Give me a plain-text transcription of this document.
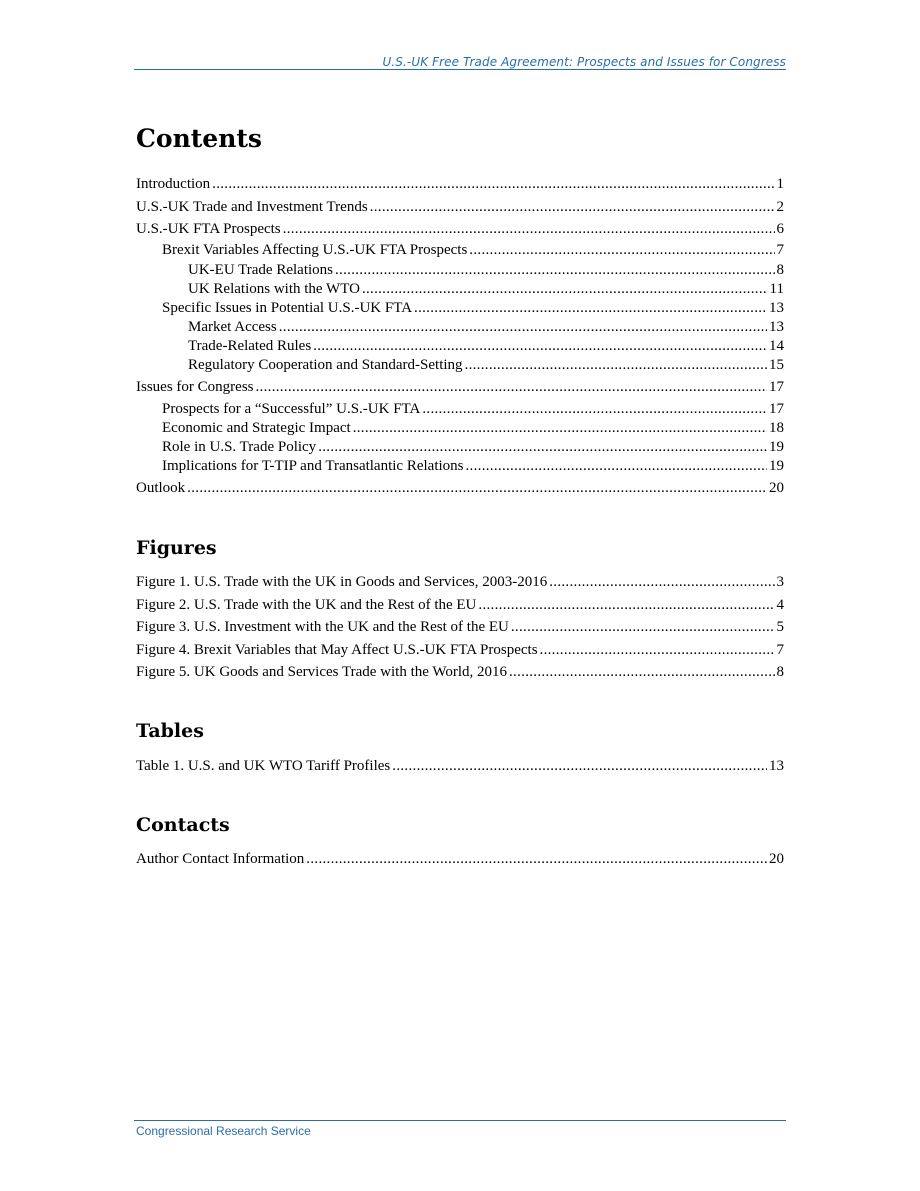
U.S.-UK Free Trade Agreement: Prospects and Issues for Congress
Contents
Introduction .....	1
U.S.-UK Trade and Investment Trends .....	2
U.S.-UK FTA Prospects .....	6
Brexit Variables Affecting U.S.-UK FTA Prospects .....	7
UK-EU Trade Relations .....	8
UK Relations with the WTO .....	11
Specific Issues in Potential U.S.-UK FTA .....	13
Market Access .....	13
Trade-Related Rules .....	14
Regulatory Cooperation and Standard-Setting .....	15
Issues for Congress .....	17
Prospects for a “Successful” U.S.-UK FTA .....	17
Economic and Strategic Impact .....	18
Role in U.S. Trade Policy .....	19
Implications for T-TIP and Transatlantic Relations .....	19
Outlook .....	20
Figures
Figure 1. U.S. Trade with the UK in Goods and Services, 2003-2016 .....	3
Figure 2. U.S. Trade with the UK and the Rest of the EU .....	4
Figure 3. U.S. Investment with the UK and the Rest of the EU .....	5
Figure 4. Brexit Variables that May Affect U.S.-UK FTA Prospects .....	7
Figure 5. UK Goods and Services Trade with the World, 2016 .....	8
Tables
Table 1. U.S. and UK WTO Tariff Profiles .....	13
Contacts
Author Contact Information .....	20
Congressional Research Service
